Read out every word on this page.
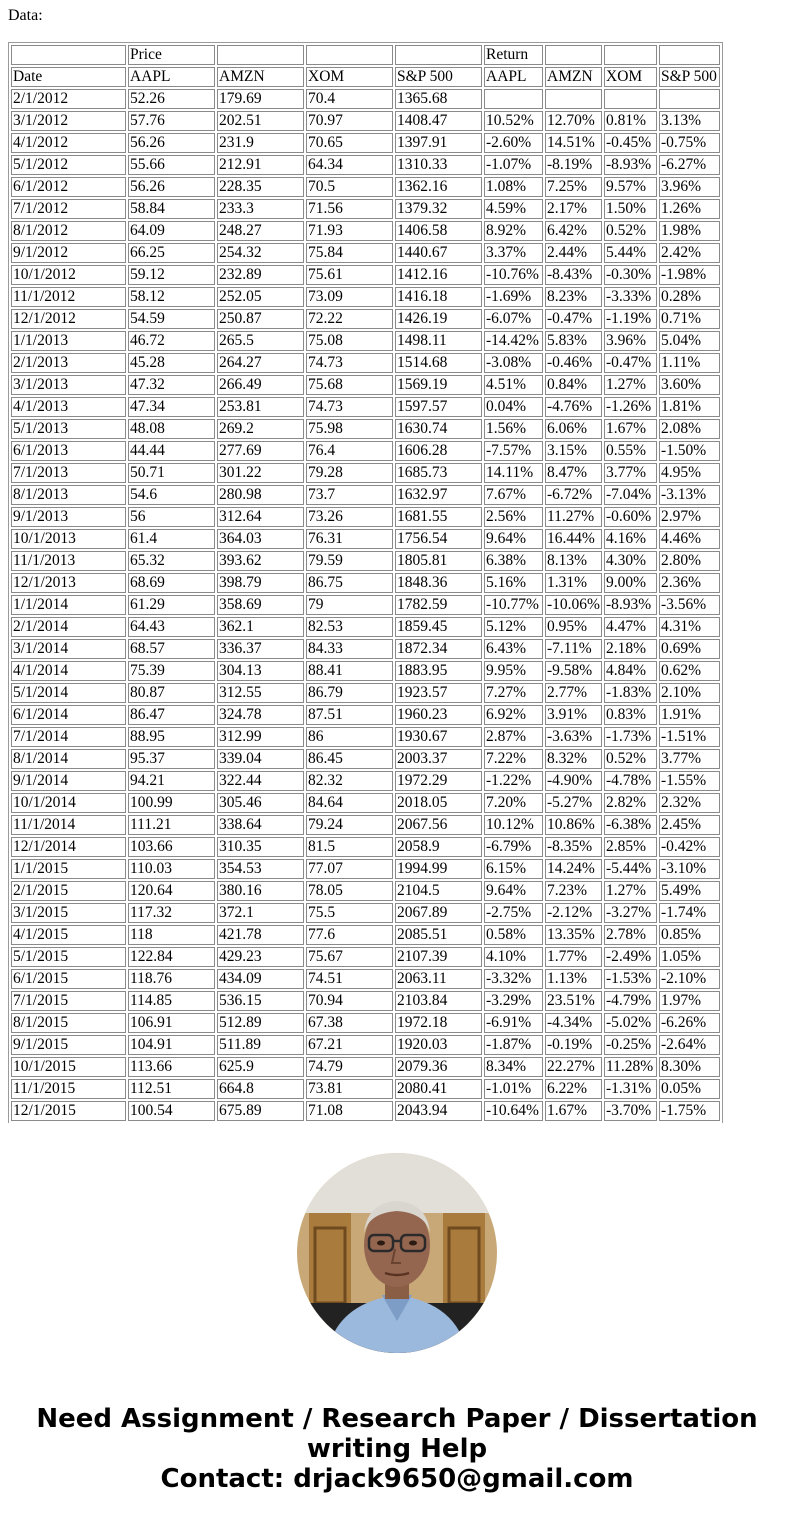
Data:
	Price				Return			
Date	AAPL	AMZN	XOM	S&P 500	AAPL	AMZN	XOM	S&P 500
2/1/2012	52.26	179.69	70.4	1365.68				
3/1/2012	57.76	202.51	70.97	1408.47	10.52%	12.70%	0.81%	3.13%
4/1/2012	56.26	231.9	70.65	1397.91	-2.60%	14.51%	-0.45%	-0.75%
5/1/2012	55.66	212.91	64.34	1310.33	-1.07%	-8.19%	-8.93%	-6.27%
6/1/2012	56.26	228.35	70.5	1362.16	1.08%	7.25%	9.57%	3.96%
7/1/2012	58.84	233.3	71.56	1379.32	4.59%	2.17%	1.50%	1.26%
8/1/2012	64.09	248.27	71.93	1406.58	8.92%	6.42%	0.52%	1.98%
9/1/2012	66.25	254.32	75.84	1440.67	3.37%	2.44%	5.44%	2.42%
10/1/2012	59.12	232.89	75.61	1412.16	-10.76%	-8.43%	-0.30%	-1.98%
11/1/2012	58.12	252.05	73.09	1416.18	-1.69%	8.23%	-3.33%	0.28%
12/1/2012	54.59	250.87	72.22	1426.19	-6.07%	-0.47%	-1.19%	0.71%
1/1/2013	46.72	265.5	75.08	1498.11	-14.42%	5.83%	3.96%	5.04%
2/1/2013	45.28	264.27	74.73	1514.68	-3.08%	-0.46%	-0.47%	1.11%
3/1/2013	47.32	266.49	75.68	1569.19	4.51%	0.84%	1.27%	3.60%
4/1/2013	47.34	253.81	74.73	1597.57	0.04%	-4.76%	-1.26%	1.81%
5/1/2013	48.08	269.2	75.98	1630.74	1.56%	6.06%	1.67%	2.08%
6/1/2013	44.44	277.69	76.4	1606.28	-7.57%	3.15%	0.55%	-1.50%
7/1/2013	50.71	301.22	79.28	1685.73	14.11%	8.47%	3.77%	4.95%
8/1/2013	54.6	280.98	73.7	1632.97	7.67%	-6.72%	-7.04%	-3.13%
9/1/2013	56	312.64	73.26	1681.55	2.56%	11.27%	-0.60%	2.97%
10/1/2013	61.4	364.03	76.31	1756.54	9.64%	16.44%	4.16%	4.46%
11/1/2013	65.32	393.62	79.59	1805.81	6.38%	8.13%	4.30%	2.80%
12/1/2013	68.69	398.79	86.75	1848.36	5.16%	1.31%	9.00%	2.36%
1/1/2014	61.29	358.69	79	1782.59	-10.77%	-10.06%	-8.93%	-3.56%
2/1/2014	64.43	362.1	82.53	1859.45	5.12%	0.95%	4.47%	4.31%
3/1/2014	68.57	336.37	84.33	1872.34	6.43%	-7.11%	2.18%	0.69%
4/1/2014	75.39	304.13	88.41	1883.95	9.95%	-9.58%	4.84%	0.62%
5/1/2014	80.87	312.55	86.79	1923.57	7.27%	2.77%	-1.83%	2.10%
6/1/2014	86.47	324.78	87.51	1960.23	6.92%	3.91%	0.83%	1.91%
7/1/2014	88.95	312.99	86	1930.67	2.87%	-3.63%	-1.73%	-1.51%
8/1/2014	95.37	339.04	86.45	2003.37	7.22%	8.32%	0.52%	3.77%
9/1/2014	94.21	322.44	82.32	1972.29	-1.22%	-4.90%	-4.78%	-1.55%
10/1/2014	100.99	305.46	84.64	2018.05	7.20%	-5.27%	2.82%	2.32%
11/1/2014	111.21	338.64	79.24	2067.56	10.12%	10.86%	-6.38%	2.45%
12/1/2014	103.66	310.35	81.5	2058.9	-6.79%	-8.35%	2.85%	-0.42%
1/1/2015	110.03	354.53	77.07	1994.99	6.15%	14.24%	-5.44%	-3.10%
2/1/2015	120.64	380.16	78.05	2104.5	9.64%	7.23%	1.27%	5.49%
3/1/2015	117.32	372.1	75.5	2067.89	-2.75%	-2.12%	-3.27%	-1.74%
4/1/2015	118	421.78	77.6	2085.51	0.58%	13.35%	2.78%	0.85%
5/1/2015	122.84	429.23	75.67	2107.39	4.10%	1.77%	-2.49%	1.05%
6/1/2015	118.76	434.09	74.51	2063.11	-3.32%	1.13%	-1.53%	-2.10%
7/1/2015	114.85	536.15	70.94	2103.84	-3.29%	23.51%	-4.79%	1.97%
8/1/2015	106.91	512.89	67.38	1972.18	-6.91%	-4.34%	-5.02%	-6.26%
9/1/2015	104.91	511.89	67.21	1920.03	-1.87%	-0.19%	-0.25%	-2.64%
10/1/2015	113.66	625.9	74.79	2079.36	8.34%	22.27%	11.28%	8.30%
11/1/2015	112.51	664.8	73.81	2080.41	-1.01%	6.22%	-1.31%	0.05%
12/1/2015	100.54	675.89	71.08	2043.94	-10.64%	1.67%	-3.70%	-1.75%
Need Assignment / Research Paper / Dissertation
writing Help
Contact: drjack9650@gmail.com
